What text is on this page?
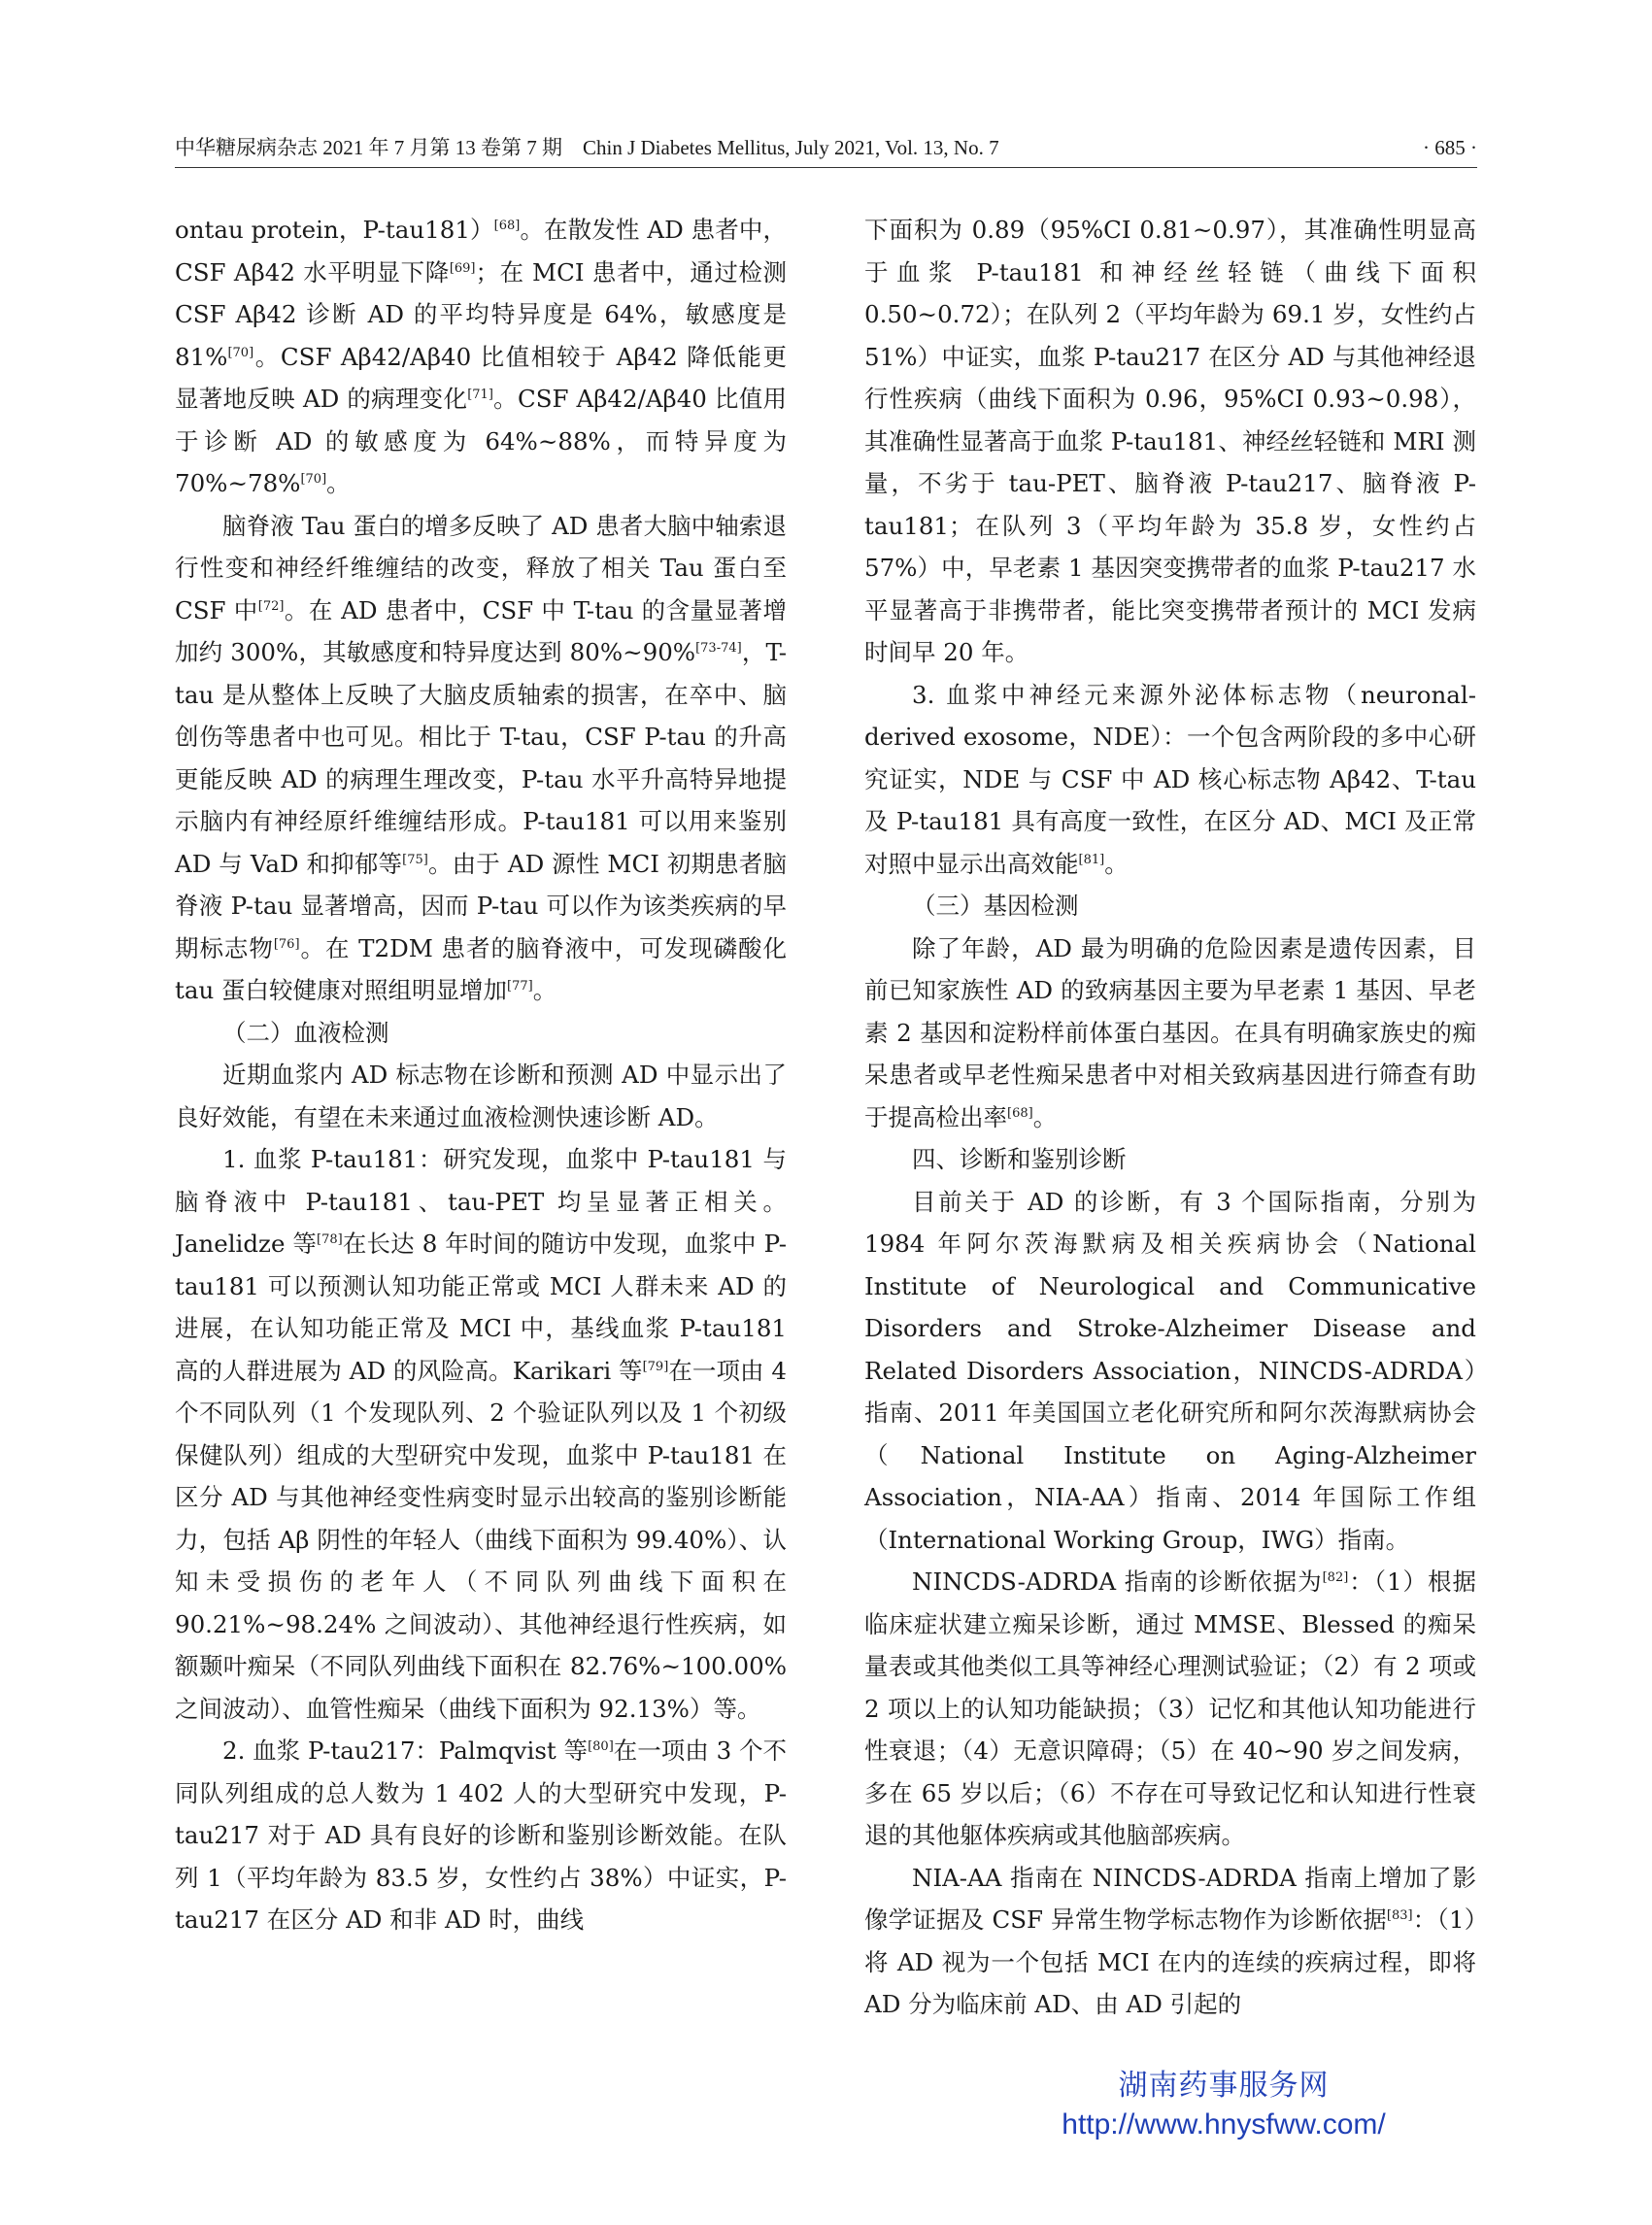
中华糖尿病杂志 2021 年 7 月第 13 卷第 7 期　Chin J Diabetes Mellitus, July 2021, Vol. 13, No. 7	· 685 ·

ontau protein，P-tau181）[68]。在散发性 AD 患者中，CSF Aβ42 水平明显下降[69]；在 MCI 患者中，通过检测 CSF Aβ42 诊断 AD 的平均特异度是 64%，敏感度是 81%[70]。CSF Aβ42/Aβ40 比值相较于 Aβ42 降低能更显著地反映 AD 的病理变化[71]。CSF Aβ42/Aβ40 比值用于诊断 AD 的敏感度为 64%~88%，而特异度为 70%~78%[70]。

脑脊液 Tau 蛋白的增多反映了 AD 患者大脑中轴索退行性变和神经纤维缠结的改变，释放了相关 Tau 蛋白至 CSF 中[72]。在 AD 患者中，CSF 中 T-tau 的含量显著增加约 300%，其敏感度和特异度达到 80%~90%[73-74]，T-tau 是从整体上反映了大脑皮质轴索的损害，在卒中、脑创伤等患者中也可见。相比于 T-tau，CSF P-tau 的升高更能反映 AD 的病理生理改变，P-tau 水平升高特异地提示脑内有神经原纤维缠结形成。P-tau181 可以用来鉴别 AD 与 VaD 和抑郁等[75]。由于 AD 源性 MCI 初期患者脑脊液 P-tau 显著增高，因而 P-tau 可以作为该类疾病的早期标志物[76]。在 T2DM 患者的脑脊液中，可发现磷酸化 tau 蛋白较健康对照组明显增加[77]。

（二）血液检测

近期血浆内 AD 标志物在诊断和预测 AD 中显示出了良好效能，有望在未来通过血液检测快速诊断 AD。

1. 血浆 P-tau181：研究发现，血浆中 P-tau181 与脑脊液中 P-tau181、tau-PET 均呈显著正相关。Janelidze 等[78]在长达 8 年时间的随访中发现，血浆中 P-tau181 可以预测认知功能正常或 MCI 人群未来 AD 的进展，在认知功能正常及 MCI 中，基线血浆 P-tau181 高的人群进展为 AD 的风险高。Karikari 等[79]在一项由 4 个不同队列（1 个发现队列、2 个验证队列以及 1 个初级保健队列）组成的大型研究中发现，血浆中 P-tau181 在区分 AD 与其他神经变性病变时显示出较高的鉴别诊断能力，包括 Aβ 阴性的年轻人（曲线下面积为 99.40%）、认知未受损伤的老年人（不同队列曲线下面积在 90.21%~98.24% 之间波动）、其他神经退行性疾病，如额颞叶痴呆（不同队列曲线下面积在 82.76%~100.00% 之间波动）、血管性痴呆（曲线下面积为 92.13%）等。

2. 血浆 P-tau217：Palmqvist 等[80]在一项由 3 个不同队列组成的总人数为 1 402 人的大型研究中发现，P-tau217 对于 AD 具有良好的诊断和鉴别诊断效能。在队列 1（平均年龄为 83.5 岁，女性约占 38%）中证实，P-tau217 在区分 AD 和非 AD 时，曲线

下面积为 0.89（95%CI 0.81~0.97），其准确性明显高于血浆 P-tau181 和神经丝轻链（曲线下面积 0.50~0.72）；在队列 2（平均年龄为 69.1 岁，女性约占 51%）中证实，血浆 P-tau217 在区分 AD 与其他神经退行性疾病（曲线下面积为 0.96，95%CI 0.93~0.98），其准确性显著高于血浆 P-tau181、神经丝轻链和 MRI 测量，不劣于 tau-PET、脑脊液 P-tau217、脑脊液 P-tau181；在队列 3（平均年龄为 35.8 岁，女性约占 57%）中，早老素 1 基因突变携带者的血浆 P-tau217 水平显著高于非携带者，能比突变携带者预计的 MCI 发病时间早 20 年。

3. 血浆中神经元来源外泌体标志物（neuronal-derived exosome，NDE）：一个包含两阶段的多中心研究证实，NDE 与 CSF 中 AD 核心标志物 Aβ42、T-tau 及 P-tau181 具有高度一致性，在区分 AD、MCI 及正常对照中显示出高效能[81]。

（三）基因检测

除了年龄，AD 最为明确的危险因素是遗传因素，目前已知家族性 AD 的致病基因主要为早老素 1 基因、早老素 2 基因和淀粉样前体蛋白基因。在具有明确家族史的痴呆患者或早老性痴呆患者中对相关致病基因进行筛查有助于提高检出率[68]。

四、诊断和鉴别诊断

目前关于 AD 的诊断，有 3 个国际指南，分别为 1984 年阿尔茨海默病及相关疾病协会（National Institute of Neurological and Communicative Disorders and Stroke-Alzheimer Disease and Related Disorders Association，NINCDS-ADRDA）指南、2011 年美国国立老化研究所和阿尔茨海默病协会（National Institute on Aging-Alzheimer Association，NIA-AA）指南、2014 年国际工作组（International Working Group，IWG）指南。

NINCDS-ADRDA 指南的诊断依据为[82]：（1）根据临床症状建立痴呆诊断，通过 MMSE、Blessed 的痴呆量表或其他类似工具等神经心理测试验证；（2）有 2 项或 2 项以上的认知功能缺损；（3）记忆和其他认知功能进行性衰退；（4）无意识障碍；（5）在 40~90 岁之间发病，多在 65 岁以后；（6）不存在可导致记忆和认知进行性衰退的其他躯体疾病或其他脑部疾病。

NIA-AA 指南在 NINCDS-ADRDA 指南上增加了影像学证据及 CSF 异常生物学标志物作为诊断依据[83]：（1）将 AD 视为一个包括 MCI 在内的连续的疾病过程，即将 AD 分为临床前 AD、由 AD 引起的

湖南药事服务网
http://www.hnysfww.com/
